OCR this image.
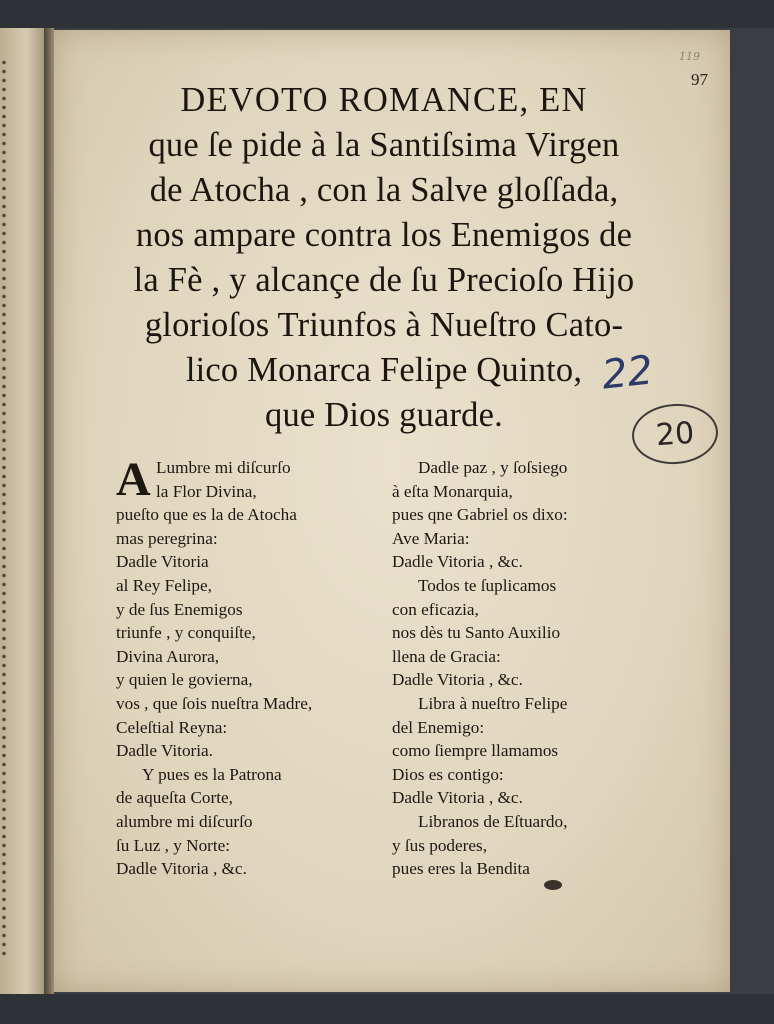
119
97
DEVOTO ROMANCE, EN
que ſe pide à la Santiſsima Virgen
de Atocha , con la Salve gloſſada,
nos ampare contra los Enemigos de
la Fè , y alcançe de ſu Precioſo Hijo
glorioſos Triunfos à Nueſtro Cato-
lico Monarca Felipe Quinto,
que Dios guarde.
22
20
A Lumbre mi diſcurſo
la Flor Divina,
pueſto que es la de Atocha
mas peregrina:
Dadle Vitoria
al Rey Felipe,
y de ſus Enemigos
triunfe , y conquiſte,
Divina Aurora,
y quien le govierna,
vos , que ſois nueſtra Madre,
Celeſtial Reyna:
Dadle Vitoria.
Y pues es la Patrona
de aqueſta Corte,
alumbre mi diſcurſo
ſu Luz , y Norte:
Dadle Vitoria , &c.
Dadle paz , y ſoſsiego
à eſta Monarquia,
pues qne Gabriel os dixo:
Ave Maria:
Dadle Vitoria , &c.
Todos te ſuplicamos
con eficazia,
nos dès tu Santo Auxilio
llena de Gracia:
Dadle Vitoria , &c.
Libra à nueſtro Felipe
del Enemigo:
como ſiempre llamamos
Dios es contigo:
Dadle Vitoria , &c.
Libranos de Eſtuardo,
y ſus poderes,
pues eres la Bendita
